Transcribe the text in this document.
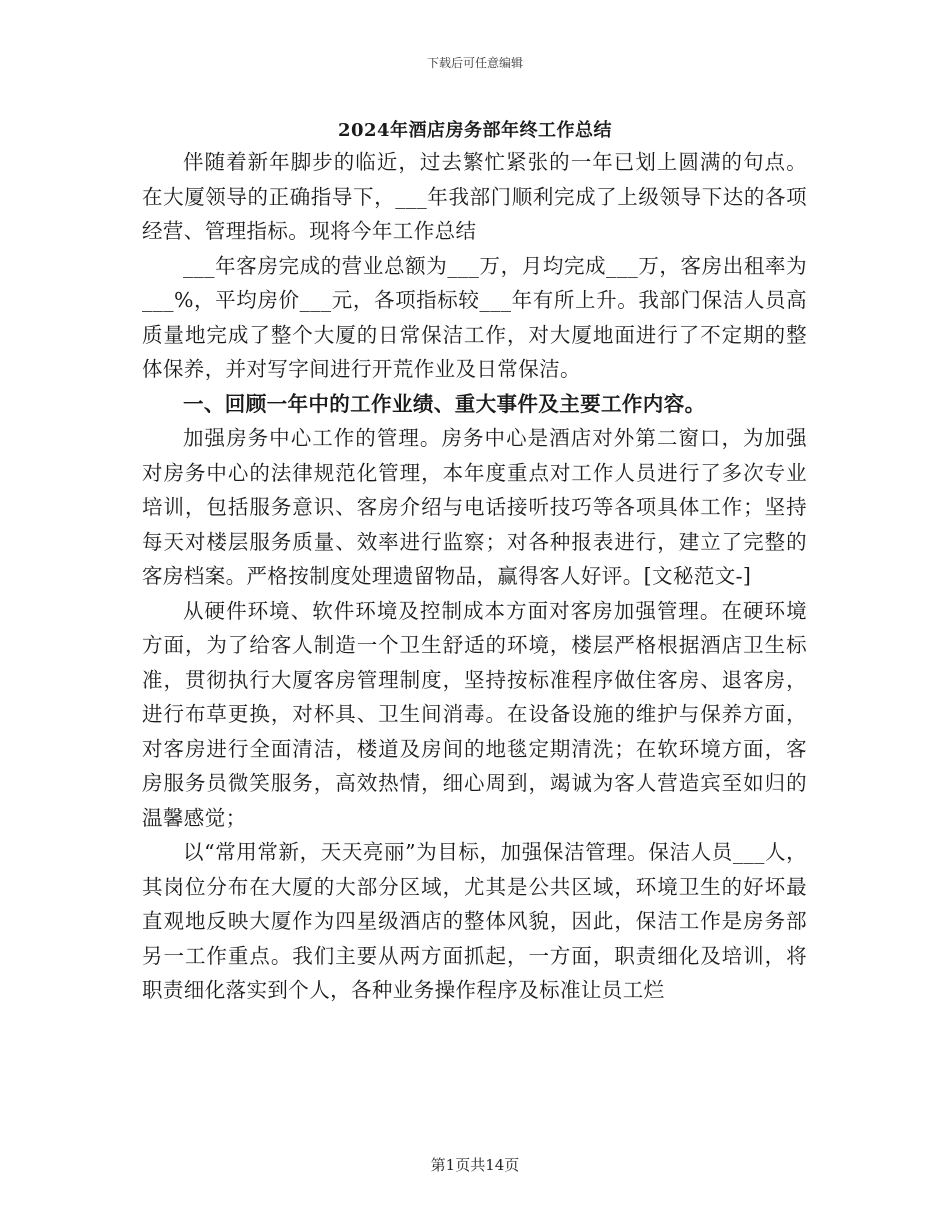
下载后可任意编辑
2024年酒店房务部年终工作总结

伴随着新年脚步的临近，过去繁忙紧张的一年已划上圆满的句点。在大厦领导的正确指导下，___年我部门顺利完成了上级领导下达的各项经营、管理指标。现将今年工作总结

___年客房完成的营业总额为___万，月均完成___万，客房出租率为___%，平均房价___元，各项指标较___年有所上升。我部门保洁人员高质量地完成了整个大厦的日常保洁工作，对大厦地面进行了不定期的整体保养，并对写字间进行开荒作业及日常保洁。

一、回顾一年中的工作业绩、重大事件及主要工作内容。

加强房务中心工作的管理。房务中心是酒店对外第二窗口，为加强对房务中心的法律规范化管理，本年度重点对工作人员进行了多次专业培训，包括服务意识、客房介绍与电话接听技巧等各项具体工作；坚持每天对楼层服务质量、效率进行监察；对各种报表进行，建立了完整的客房档案。严格按制度处理遗留物品，赢得客人好评。[文秘范文-]

从硬件环境、软件环境及控制成本方面对客房加强管理。在硬环境方面，为了给客人制造一个卫生舒适的环境，楼层严格根据酒店卫生标准，贯彻执行大厦客房管理制度，坚持按标准程序做住客房、退客房，进行布草更换，对杯具、卫生间消毒。在设备设施的维护与保养方面，对客房进行全面清洁，楼道及房间的地毯定期清洗；在软环境方面，客房服务员微笑服务，高效热情，细心周到，竭诚为客人营造宾至如归的温馨感觉；

以“常用常新，天天亮丽”为目标，加强保洁管理。保洁人员___人，其岗位分布在大厦的大部分区域，尤其是公共区域，环境卫生的好坏最直观地反映大厦作为四星级酒店的整体风貌，因此，保洁工作是房务部另一工作重点。我们主要从两方面抓起，一方面，职责细化及培训，将职责细化落实到个人，各种业务操作程序及标准让员工烂

第1页共14页
